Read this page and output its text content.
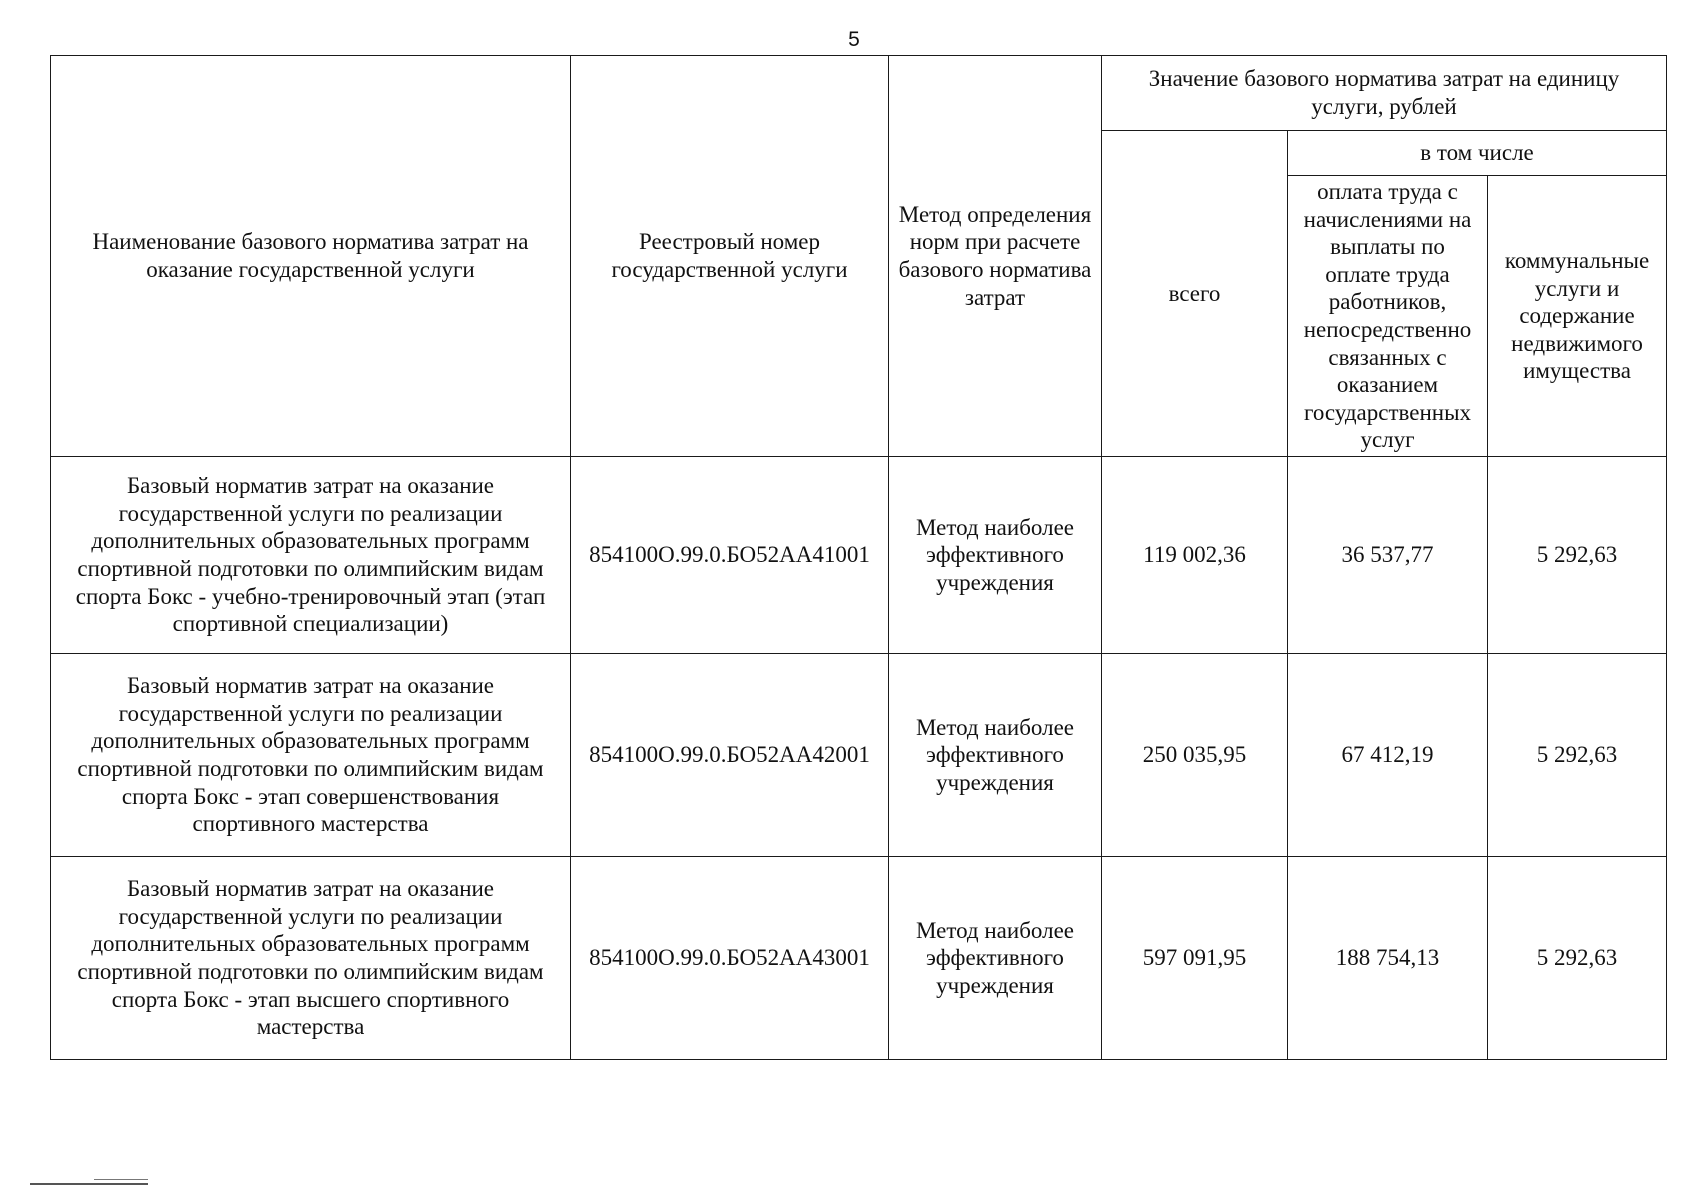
5
Наименование базового норматива затрат на оказание государственной услуги	Реестровый номер государственной услуги	Метод определения норм при расчете базового норматива затрат	Значение базового норматива затрат на единицу услуги, рублей		
			всего	в том числе	
				оплата труда с начислениями на выплаты по оплате труда работников, непосредственно связанных с оказанием государственных услуг	коммунальные услуги и содержание недвижимого имущества
Базовый норматив затрат на оказание государственной услуги по реализации дополнительных образовательных программ спортивной подготовки по олимпийским видам спорта Бокс - учебно-тренировочный этап (этап спортивной специализации)	854100О.99.0.БО52АА41001	Метод наиболее эффективного учреждения	119 002,36	36 537,77	5 292,63
Базовый норматив затрат на оказание государственной услуги по реализации дополнительных образовательных программ спортивной подготовки по олимпийским видам спорта Бокс - этап совершенствования спортивного мастерства	854100О.99.0.БО52АА42001	Метод наиболее эффективного учреждения	250 035,95	67 412,19	5 292,63
Базовый норматив затрат на оказание государственной услуги по реализации дополнительных образовательных программ спортивной подготовки по олимпийским видам спорта Бокс - этап высшего спортивного мастерства	854100О.99.0.БО52АА43001	Метод наиболее эффективного учреждения	597 091,95	188 754,13	5 292,63
